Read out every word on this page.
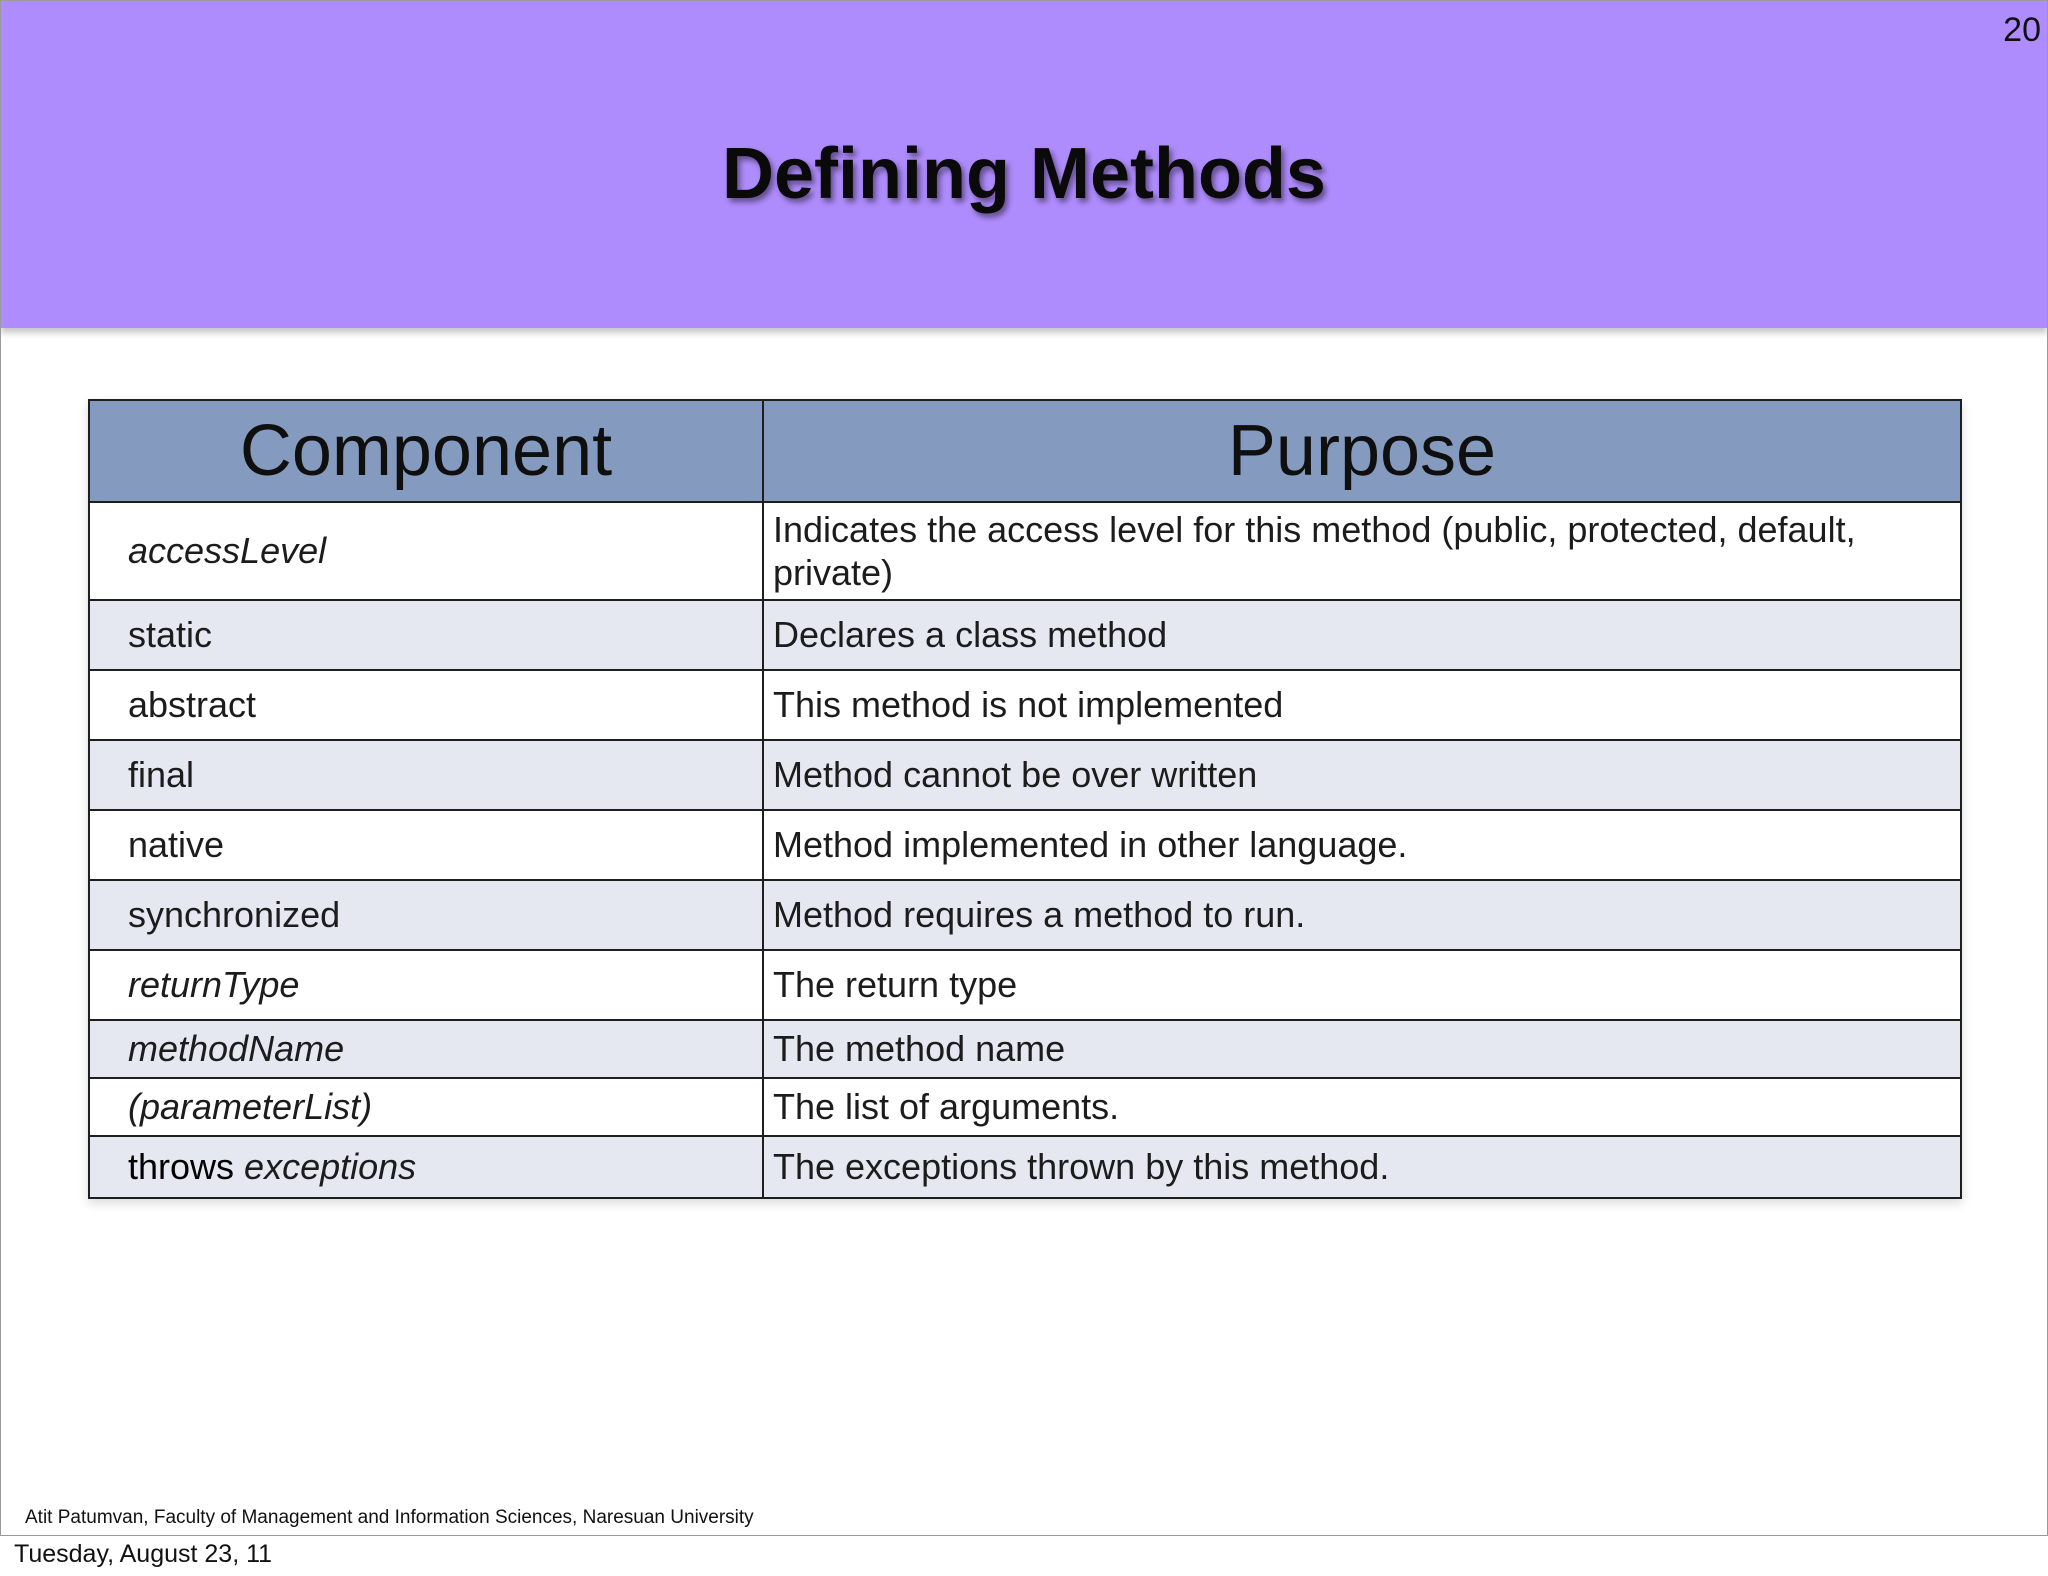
20
Defining Methods
Component	Purpose
accessLevel	Indicates the access level for this method (public, protected, default, private)
static	Declares a class method
abstract	This method is not implemented
final	Method cannot be over written
native	Method implemented in other language.
synchronized	Method requires a method to run.
returnType	The return type
methodName	The method name
(parameterList)	The list of arguments.
throws exceptions	The exceptions thrown by this method.
Atit Patumvan, Faculty of Management and Information Sciences, Naresuan University
Tuesday, August 23, 11
